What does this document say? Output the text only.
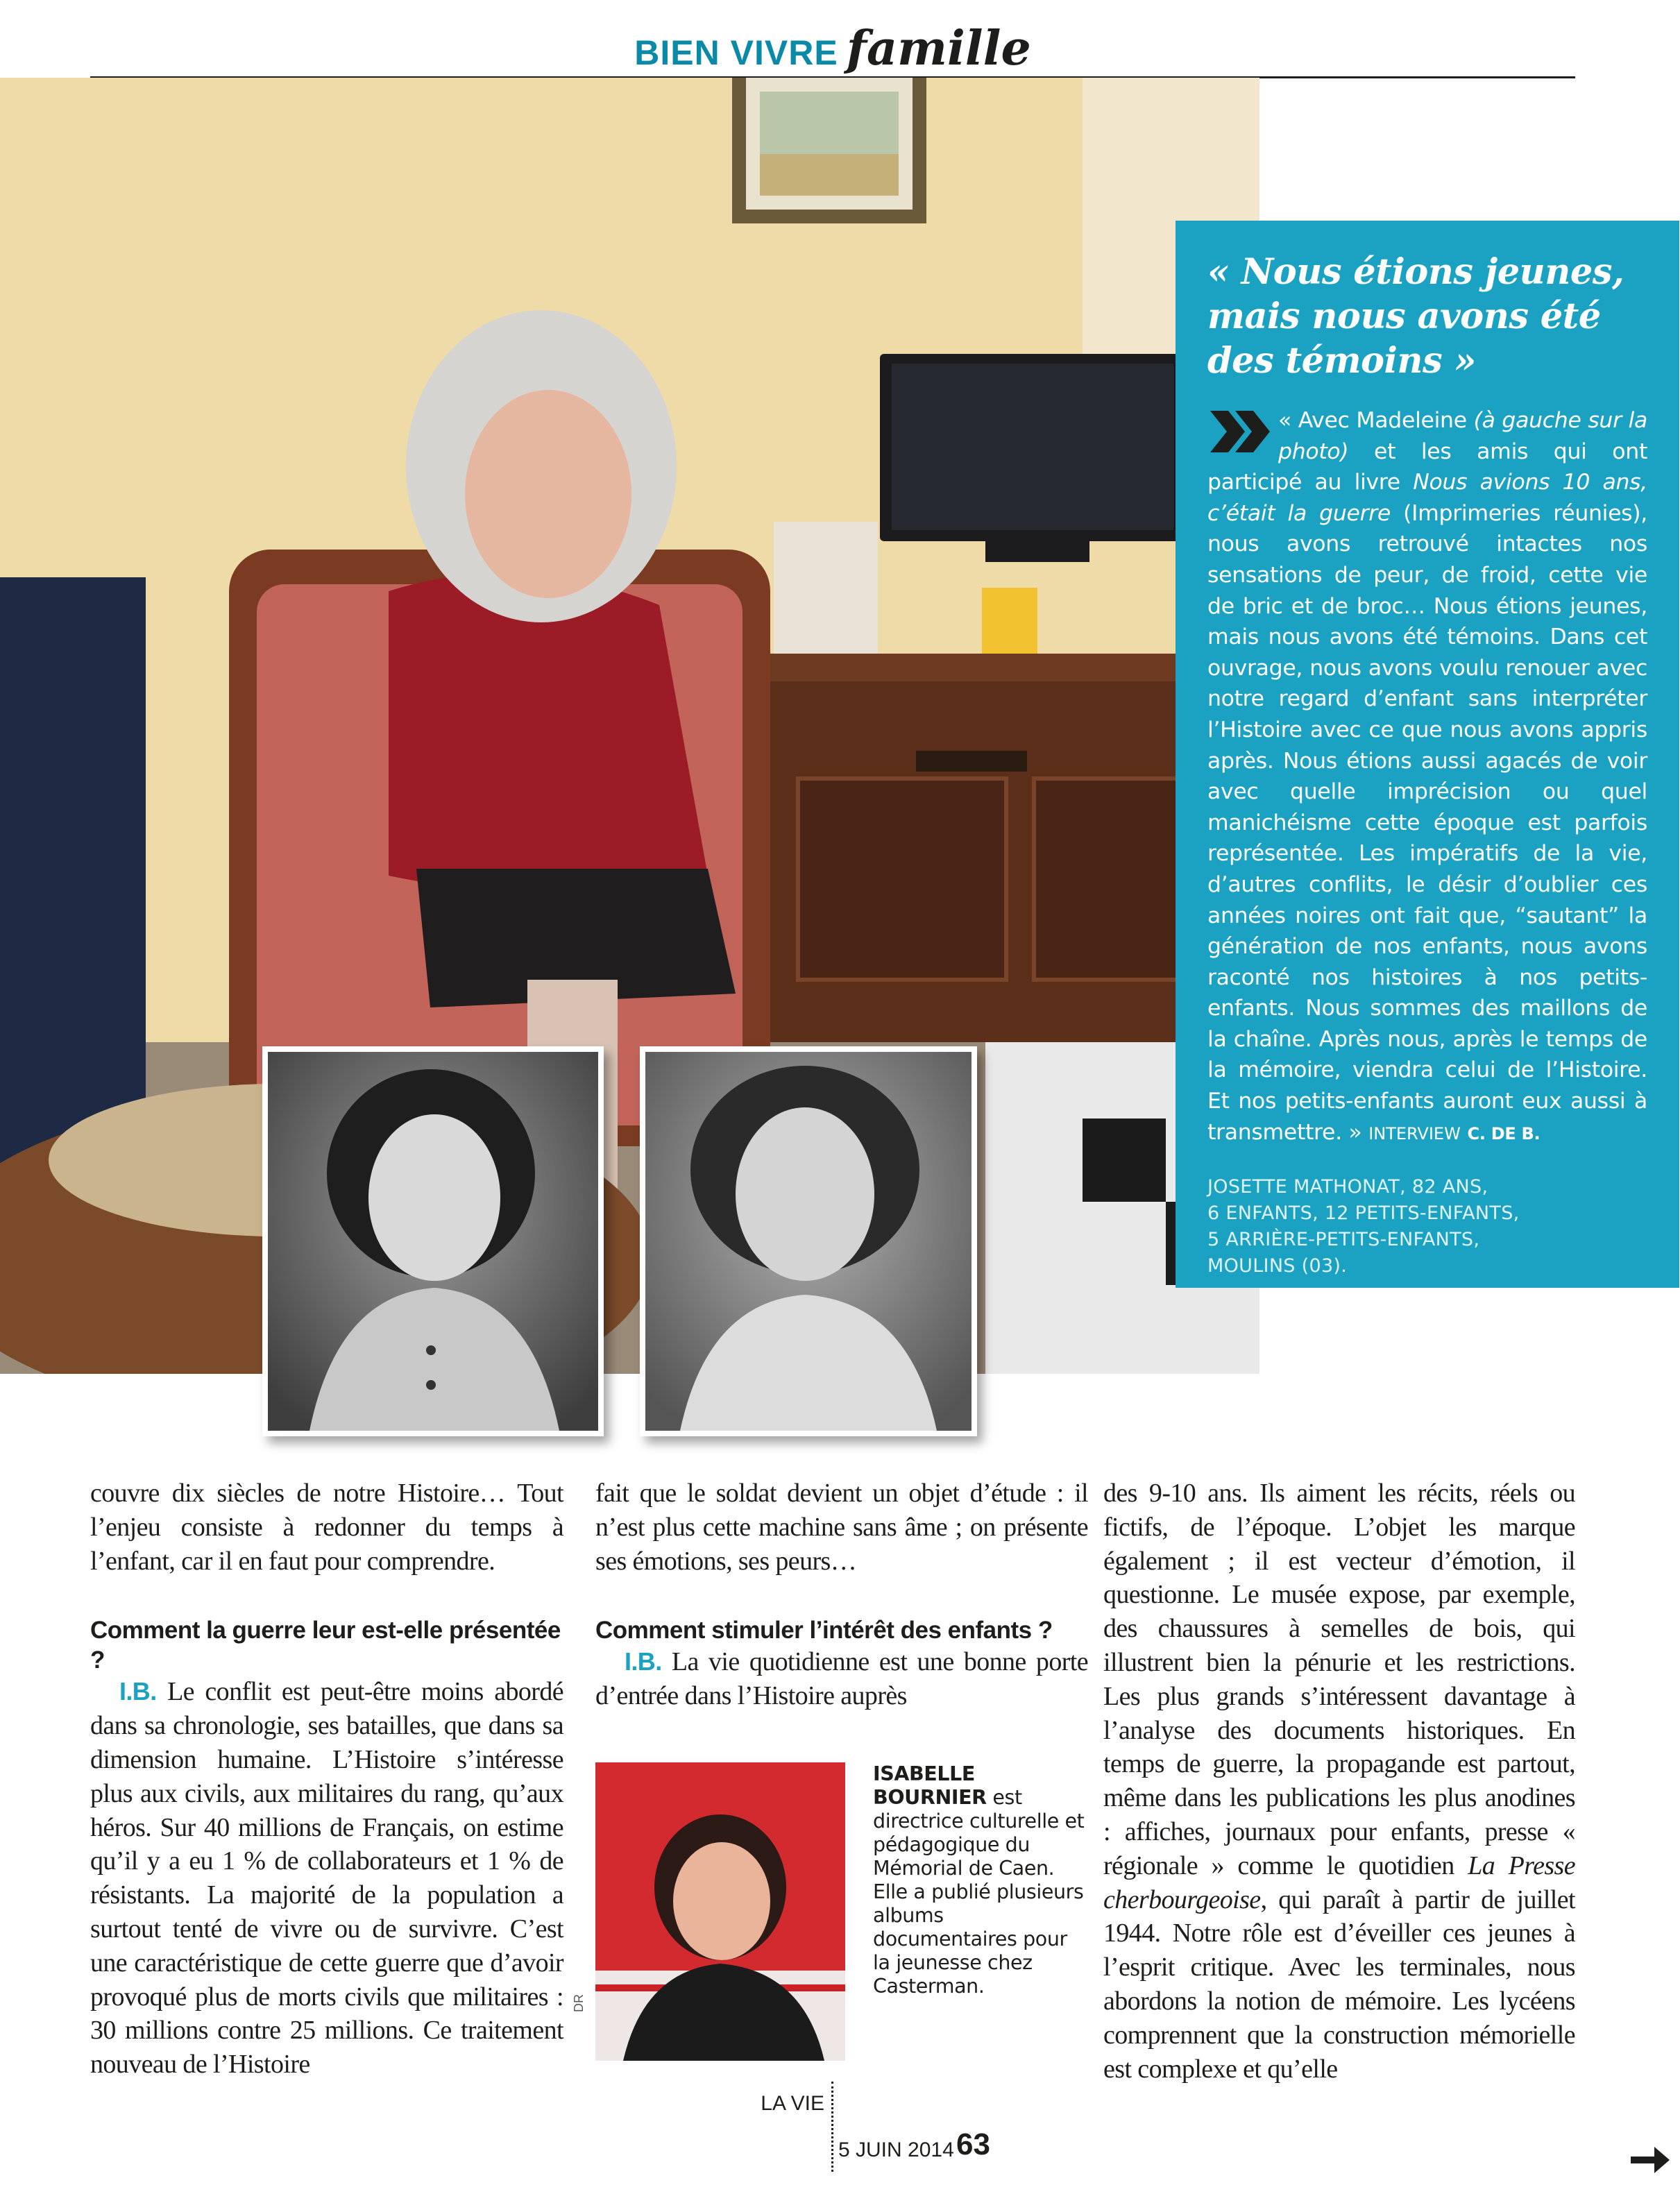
BIEN VIVRE famille
« Nous étions jeunes, mais nous avons été des témoins »
« Avec Madeleine (à gauche sur la photo) et les amis qui ont participé au livre Nous avions 10 ans, c’était la guerre (Imprimeries réunies), nous avons retrouvé intactes nos sensations de peur, de froid, cette vie de bric et de broc… Nous étions jeunes, mais nous avons été témoins. Dans cet ouvrage, nous avons voulu renouer avec notre regard d’enfant sans interpréter l’Histoire avec ce que nous avons appris après. Nous étions aussi agacés de voir avec quelle imprécision ou quel manichéisme cette époque est parfois représentée. Les impératifs de la vie, d’autres conflits, le désir d’oublier ces années noires ont fait que, “sautant” la génération de nos enfants, nous avons raconté nos histoires à nos petits-enfants. Nous sommes des maillons de la chaîne. Après nous, après le temps de la mémoire, viendra celui de l’Histoire. Et nos petits-enfants auront eux aussi à transmettre. » INTERVIEW C. DE B.
JOSETTE MATHONAT, 82 ANS,
6 ENFANTS, 12 PETITS-ENFANTS,
5 ARRIÈRE-PETITS-ENFANTS,
MOULINS (03).

couvre dix siècles de notre Histoire… Tout l’enjeu consiste à redonner du temps à l’enfant, car il en faut pour comprendre.

Comment la guerre leur est-elle présentée ?

I.B. Le conflit est peut-être moins abordé dans sa chronologie, ses batailles, que dans sa dimension humaine. L’Histoire s’intéresse plus aux civils, aux militaires du rang, qu’aux héros. Sur 40 millions de Français, on estime qu’il y a eu 1 % de collaborateurs et 1 % de résistants. La majorité de la population a surtout tenté de vivre ou de survivre. C’est une caractéristique de cette guerre que d’avoir provoqué plus de morts civils que militaires : 30 millions contre 25 millions. Ce traitement nouveau de l’Histoire

fait que le soldat devient un objet d’étude : il n’est plus cette machine sans âme ; on présente ses émotions, ses peurs…

Comment stimuler l’intérêt des enfants ?

I.B. La vie quotidienne est une bonne porte d’entrée dans l’Histoire auprès

DR
ISABELLE
BOURNIER est directrice culturelle et pédagogique du Mémorial de Caen. Elle a publié plusieurs albums documentaires pour la jeunesse chez Casterman.

des 9-10 ans. Ils aiment les récits, réels ou fictifs, de l’époque. L’objet les marque également ; il est vecteur d’émotion, il questionne. Le musée expose, par exemple, des chaussures à semelles de bois, qui illustrent bien la pénurie et les restrictions. Les plus grands s’intéressent davantage à l’analyse des documents historiques. En temps de guerre, la propagande est partout, même dans les publications les plus anodines : affiches, journaux pour enfants, presse « régionale » comme le quotidien La Presse cherbourgeoise, qui paraît à partir de juillet 1944. Notre rôle est d’éveiller ces jeunes à l’esprit critique. Avec les terminales, nous abordons la notion de mémoire. Les lycéens comprennent que la construction mémorielle est complexe et qu’elle

LA VIE
5 JUIN 2014 63
